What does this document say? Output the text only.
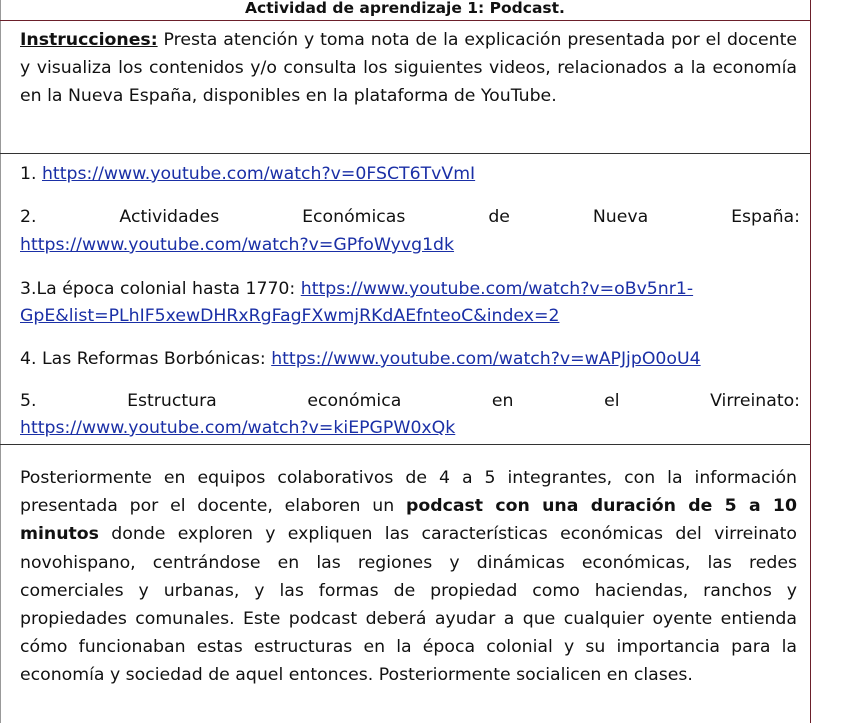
Actividad de aprendizaje 1: Podcast.
Instrucciones: Presta atención y toma nota de la explicación presentada por el docente y visualiza los contenidos y/o consulta los siguientes videos, relacionados a la economía en la Nueva España, disponibles en la plataforma de YouTube.
1. https://www.youtube.com/watch?v=0FSCT6TvVmI
2.	Actividades	Económicas	de	Nueva	España:
https://www.youtube.com/watch?v=GPfoWyvg1dk
3.La época colonial hasta 1770: https://www.youtube.com/watch?v=oBv5nr1-
GpE&list=PLhIF5xewDHRxRgFagFXwmjRKdAEfnteoC&index=2
4. Las Reformas Borbónicas: https://www.youtube.com/watch?v=wAPJjpO0oU4
5.	Estructura	económica	en	el	Virreinato:
https://www.youtube.com/watch?v=kiEPGPW0xQk
Posteriormente en equipos colaborativos de 4 a 5 integrantes, con la información presentada por el docente, elaboren un podcast con una duración de 5 a 10 minutos donde exploren y expliquen las características económicas del virreinato novohispano, centrándose en las regiones y dinámicas económicas, las redes comerciales y urbanas, y las formas de propiedad como haciendas, ranchos y propiedades comunales. Este podcast deberá ayudar a que cualquier oyente entienda cómo funcionaban estas estructuras en la época colonial y su importancia para la economía y sociedad de aquel entonces. Posteriormente socialicen en clases.
